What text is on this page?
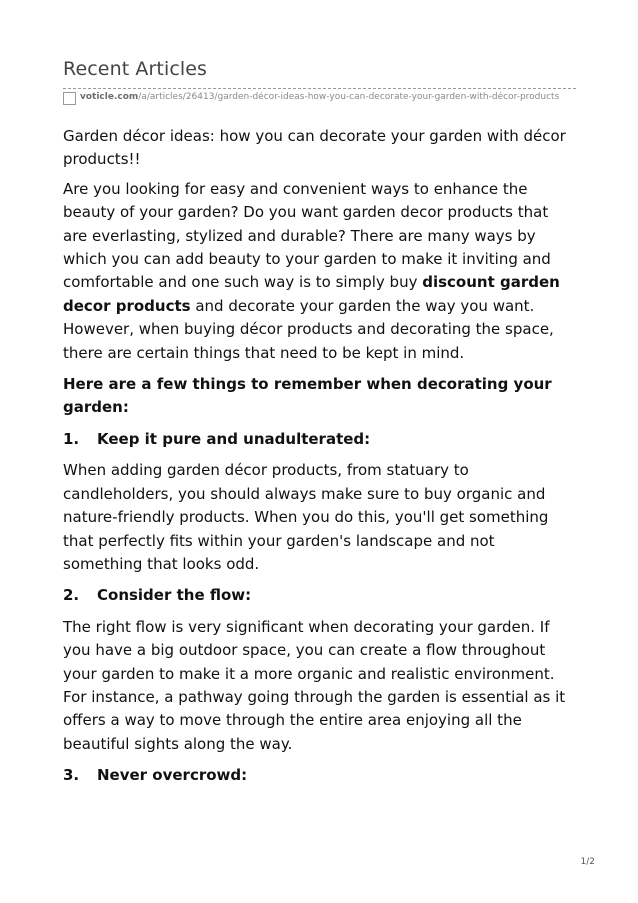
Recent Articles
voticle.com/a/articles/26413/garden-décor-ideas-how-you-can-decorate-your-garden-with-décor-products

Garden décor ideas: how you can decorate your garden with décor products!!

Are you looking for easy and convenient ways to enhance the beauty of your garden? Do you want garden decor products that are everlasting, stylized and durable? There are many ways by which you can add beauty to your garden to make it inviting and comfortable and one such way is to simply buy discount garden decor products and decorate your garden the way you want. However, when buying décor products and decorating the space, there are certain things that need to be kept in mind.

Here are a few things to remember when decorating your garden:

1.	Keep it pure and unadulterated:

When adding garden décor products, from statuary to candleholders, you should always make sure to buy organic and nature-friendly products. When you do this, you'll get something that perfectly fits within your garden's landscape and not something that looks odd.

2.	Consider the flow:

The right flow is very significant when decorating your garden. If you have a big outdoor space, you can create a flow throughout your garden to make it a more organic and realistic environment. For instance, a pathway going through the garden is essential as it offers a way to move through the entire area enjoying all the beautiful sights along the way.

3.	Never overcrowd:

1/2
